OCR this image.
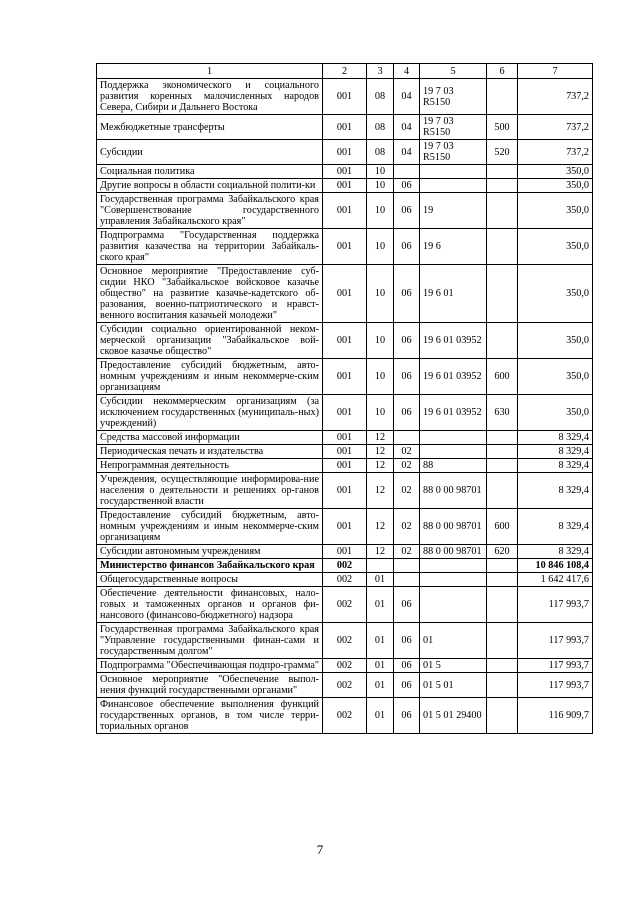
1	2	3	4	5	6	7
Поддержка экономического и социального развития коренных малочисленных народов Севера, Сибири и Дальнего Востока	001	08	04	19 7 03 R5150		737,2
Межбюджетные трансферты	001	08	04	19 7 03 R5150	500	737,2
Субсидии	001	08	04	19 7 03 R5150	520	737,2
Социальная политика	001	10				350,0
Другие вопросы в области социальной полити-ки	001	10	06			350,0
Государственная программа Забайкальского края "Совершенствование государственного управления Забайкальского края"	001	10	06	19		350,0
Подпрограмма "Государственная поддержка развития казачества на территории Забайкаль-ского края"	001	10	06	19 6		350,0
Основное мероприятие "Предоставление суб-сидии НКО "Забайкальское войсковое казачье общество" на развитие казачье-кадетского об-разования, военно-патриотического и нравст-венного воспитания казачьей молодежи"	001	10	06	19 6 01		350,0
Субсидии социально ориентированной неком-мерческой организации "Забайкальское вой-сковое казачье общество"	001	10	06	19 6 01 03952		350,0
Предоставление субсидий бюджетным, авто-номным учреждениям и иным некоммерче-ским организациям	001	10	06	19 6 01 03952	600	350,0
Субсидии некоммерческим организациям (за исключением государственных (муниципаль-ных) учреждений)	001	10	06	19 6 01 03952	630	350,0
Средства массовой информации	001	12				8 329,4
Периодическая печать и издательства	001	12	02			8 329,4
Непрограммная деятельность	001	12	02	88		8 329,4
Учреждения, осуществляющие информирова-ние населения о деятельности и решениях ор-ганов государственной власти	001	12	02	88 0 00 98701		8 329,4
Предоставление субсидий бюджетным, авто-номным учреждениям и иным некоммерче-ским организациям	001	12	02	88 0 00 98701	600	8 329,4
Субсидии автономным учреждениям	001	12	02	88 0 00 98701	620	8 329,4
Министерство финансов Забайкальского края	002					10 846 108,4
Общегосударственные вопросы	002	01				1 642 417,6
Обеспечение деятельности финансовых, нало-говых и таможенных органов и органов фи-нансового (финансово-бюджетного) надзора	002	01	06			117 993,7
Государственная программа Забайкальского края "Управление государственными финан-сами и государственным долгом"	002	01	06	01		117 993,7
Подпрограмма "Обеспечивающая подпро-грамма"	002	01	06	01 5		117 993,7
Основное мероприятие "Обеспечение выпол-нения функций государственными органами"	002	01	06	01 5 01		117 993,7
Финансовое обеспечение выполнения функций государственных органов, в том числе терри-ториальных органов	002	01	06	01 5 01 29400		116 909,7
7
